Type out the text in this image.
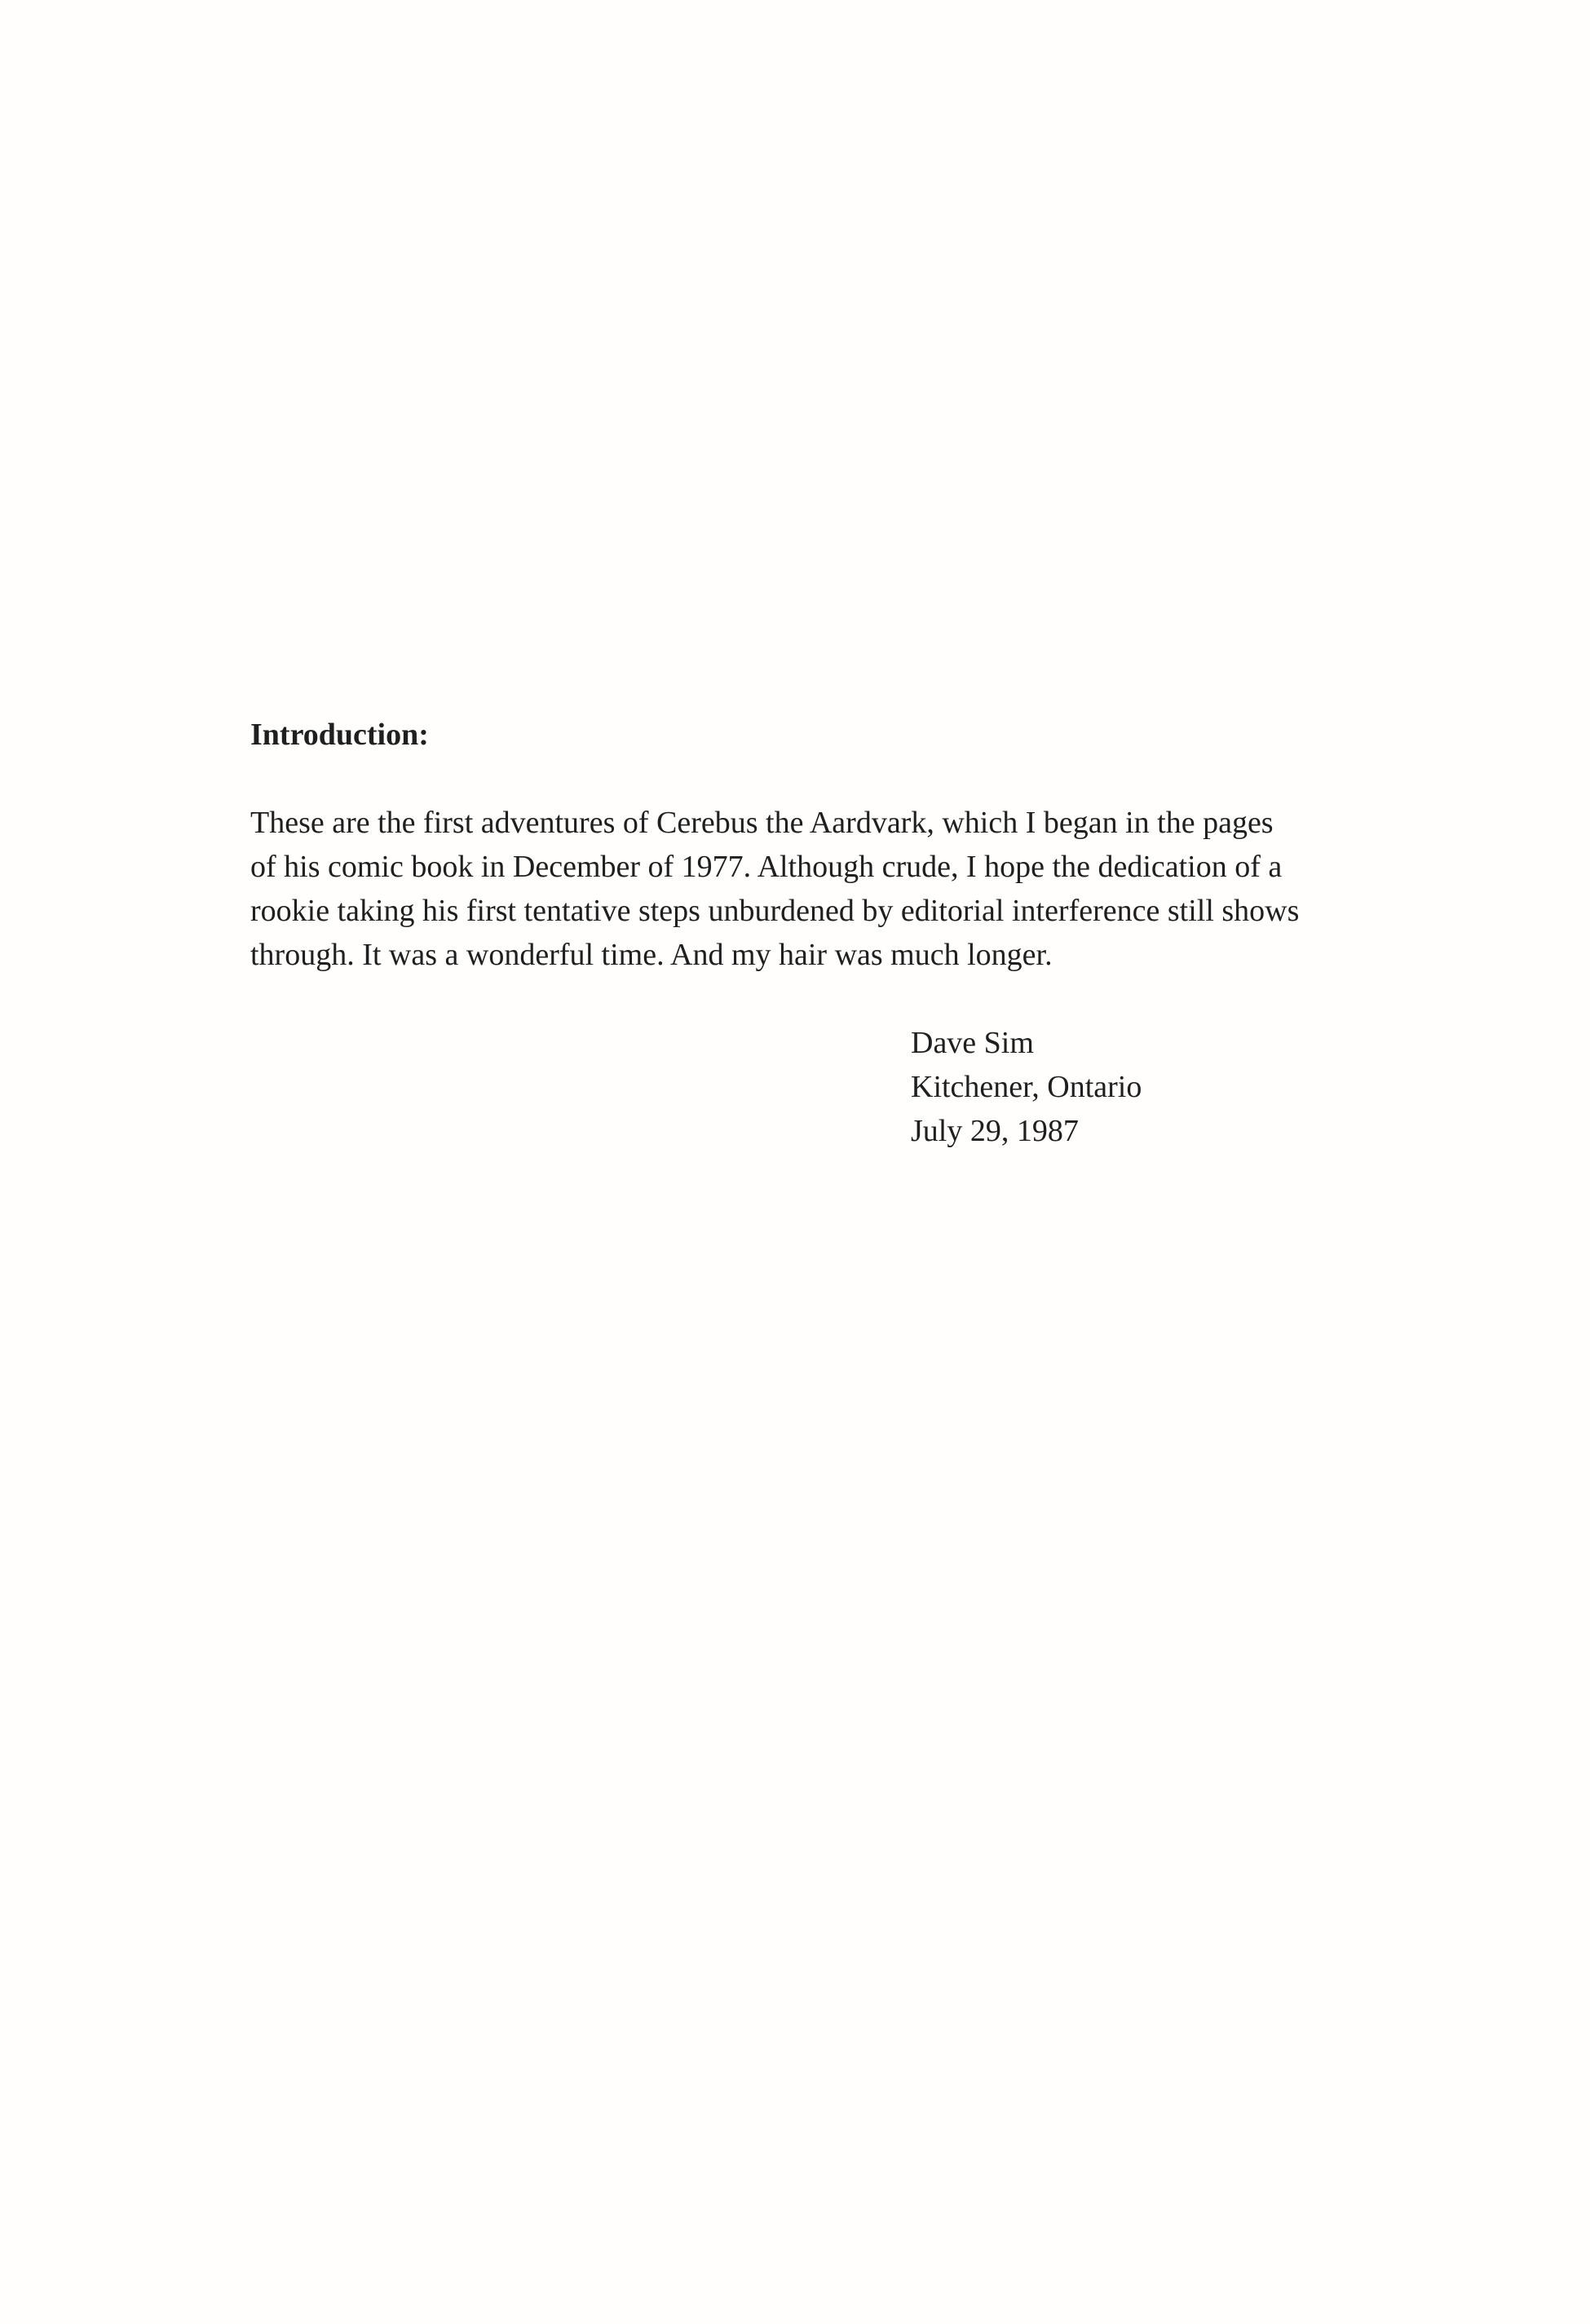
Introduction:

These are the first adventures of Cerebus the Aardvark, which I began in the pages
of his comic book in December of 1977. Although crude, I hope the dedication of a
rookie taking his first tentative steps unburdened by editorial interference still shows
through. It was a wonderful time. And my hair was much longer.

Dave Sim
Kitchener, Ontario
July 29, 1987
